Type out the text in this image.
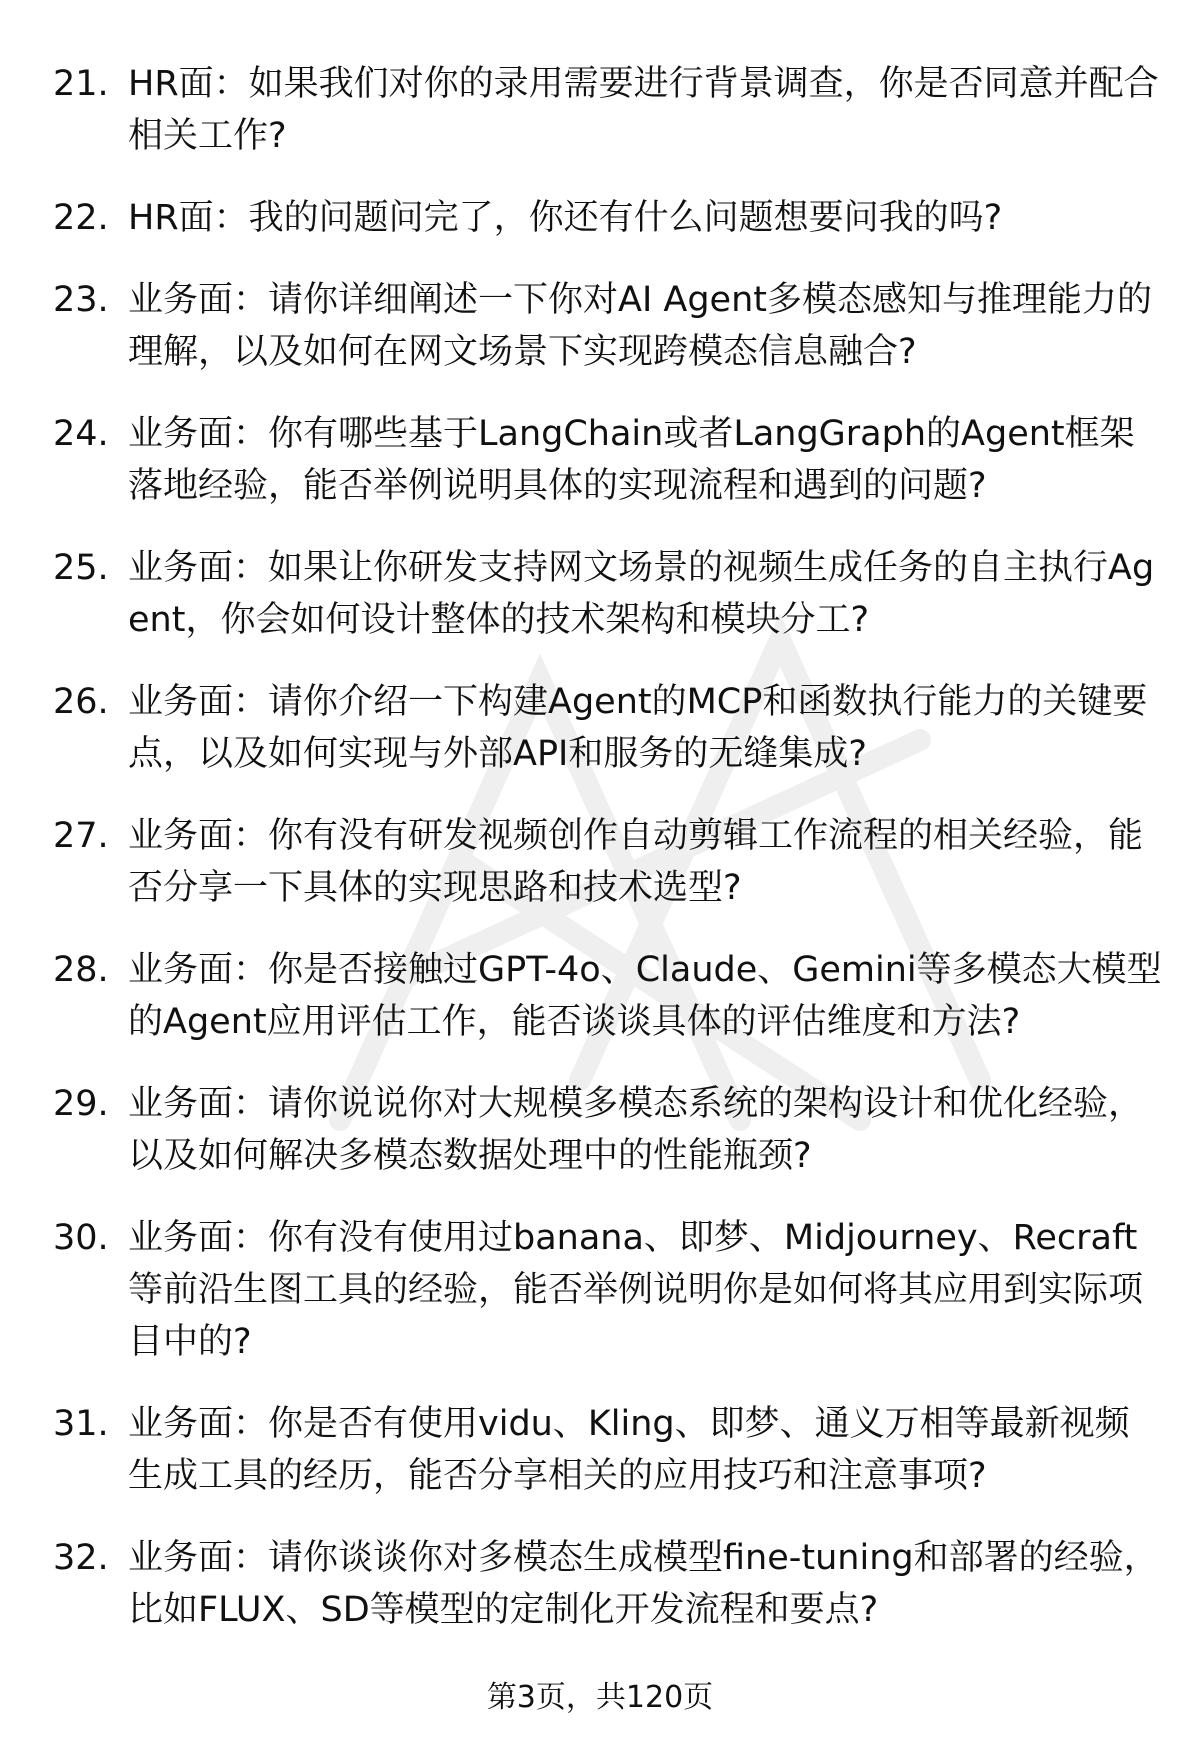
21. HR面：如果我们对你的录用需要进行背景调查，你是否同意并配合相关工作?
22. HR面：我的问题问完了，你还有什么问题想要问我的吗?
23. 业务面：请你详细阐述一下你对AI Agent多模态感知与推理能力的理解，以及如何在网文场景下实现跨模态信息融合?
24. 业务面：你有哪些基于LangChain或者LangGraph的Agent框架落地经验，能否举例说明具体的实现流程和遇到的问题?
25. 业务面：如果让你研发支持网文场景的视频生成任务的自主执行Agent，你会如何设计整体的技术架构和模块分工?
26. 业务面：请你介绍一下构建Agent的MCP和函数执行能力的关键要点，以及如何实现与外部API和服务的无缝集成?
27. 业务面：你有没有研发视频创作自动剪辑工作流程的相关经验，能否分享一下具体的实现思路和技术选型?
28. 业务面：你是否接触过GPT-4o、Claude、Gemini等多模态大模型的Agent应用评估工作，能否谈谈具体的评估维度和方法?
29. 业务面：请你说说你对大规模多模态系统的架构设计和优化经验，以及如何解决多模态数据处理中的性能瓶颈?
30. 业务面：你有没有使用过banana、即梦、Midjourney、Recraft等前沿生图工具的经验，能否举例说明你是如何将其应用到实际项目中的?
31. 业务面：你是否有使用vidu、Kling、即梦、通义万相等最新视频生成工具的经历，能否分享相关的应用技巧和注意事项?
32. 业务面：请你谈谈你对多模态生成模型fine-tuning和部署的经验，比如FLUX、SD等模型的定制化开发流程和要点?
第3页，共120页
